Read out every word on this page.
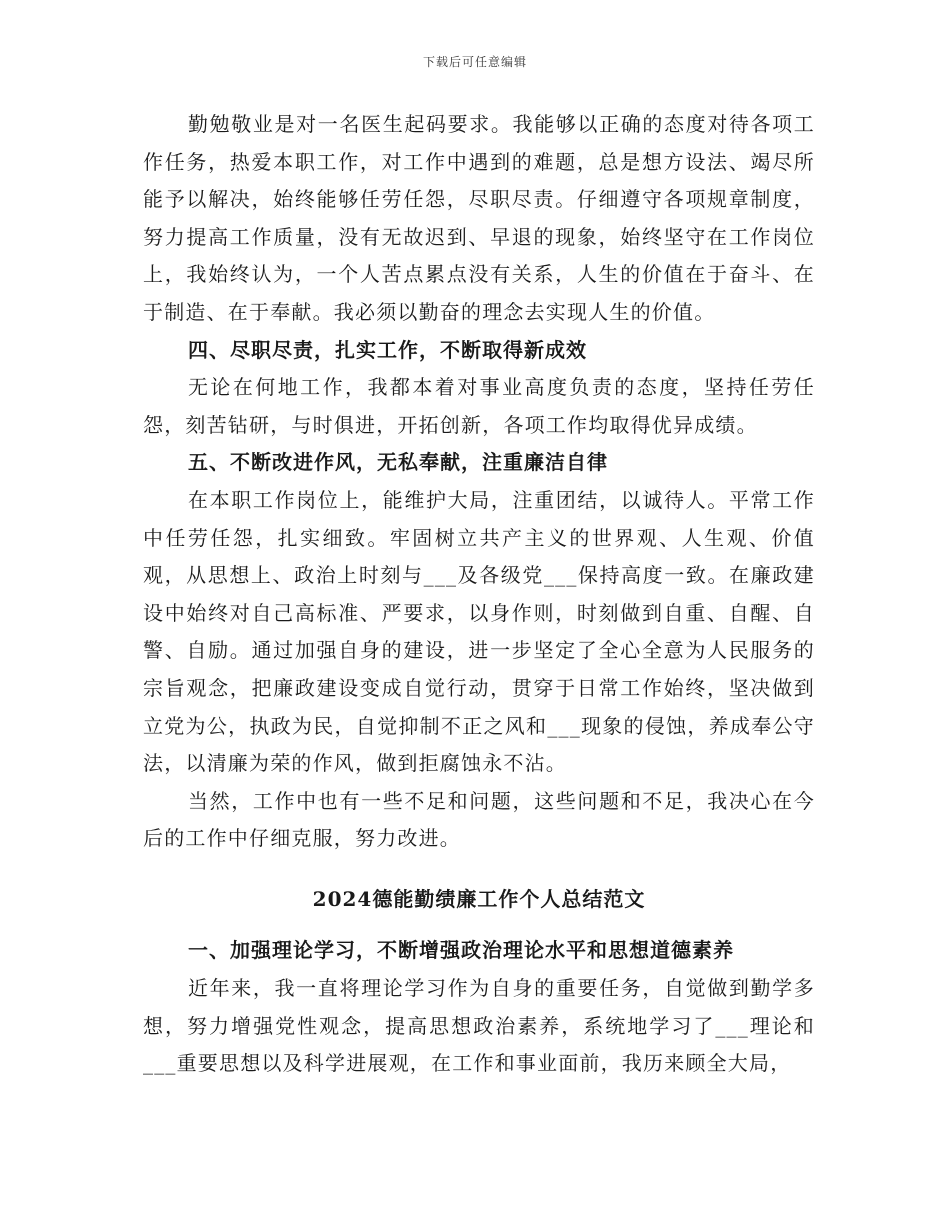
下载后可任意编辑

勤勉敬业是对一名医生起码要求。我能够以正确的态度对待各项工作任务，热爱本职工作，对工作中遇到的难题，总是想方设法、竭尽所能予以解决，始终能够任劳任怨，尽职尽责。仔细遵守各项规章制度，努力提高工作质量，没有无故迟到、早退的现象，始终坚守在工作岗位上，我始终认为，一个人苦点累点没有关系，人生的价值在于奋斗、在于制造、在于奉献。我必须以勤奋的理念去实现人生的价值。

四、尽职尽责，扎实工作，不断取得新成效

无论在何地工作，我都本着对事业高度负责的态度，坚持任劳任怨，刻苦钻研，与时俱进，开拓创新，各项工作均取得优异成绩。

五、不断改进作风，无私奉献，注重廉洁自律

在本职工作岗位上，能维护大局，注重团结，以诚待人。平常工作中任劳任怨，扎实细致。牢固树立共产主义的世界观、人生观、价值观，从思想上、政治上时刻与___及各级党___保持高度一致。在廉政建设中始终对自己高标准、严要求，以身作则，时刻做到自重、自醒、自警、自励。通过加强自身的建设，进一步坚定了全心全意为人民服务的宗旨观念，把廉政建设变成自觉行动，贯穿于日常工作始终，坚决做到立党为公，执政为民，自觉抑制不正之风和___现象的侵蚀，养成奉公守法，以清廉为荣的作风，做到拒腐蚀永不沾。

当然，工作中也有一些不足和问题，这些问题和不足，我决心在今后的工作中仔细克服，努力改进。

2024德能勤绩廉工作个人总结范文

一、加强理论学习，不断增强政治理论水平和思想道德素养

近年来，我一直将理论学习作为自身的重要任务，自觉做到勤学多想，努力增强党性观念，提高思想政治素养，系统地学习了___理论和___重要思想以及科学进展观，在工作和事业面前，我历来顾全大局，
